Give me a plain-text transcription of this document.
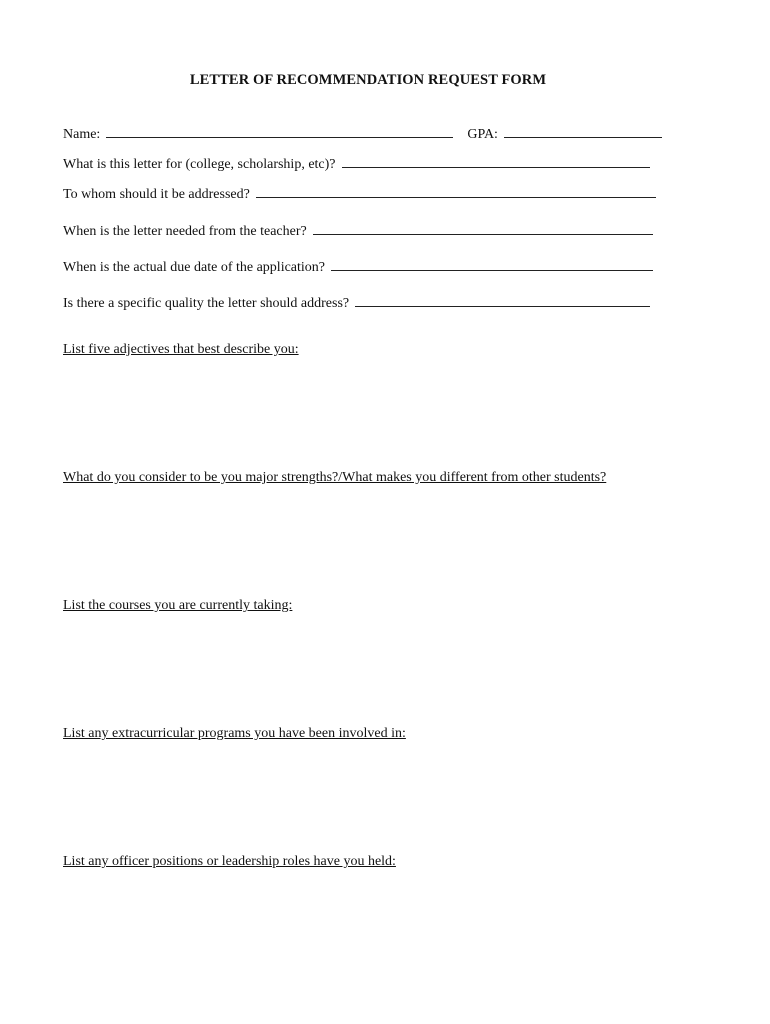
LETTER OF RECOMMENDATION REQUEST FORM
Name:	GPA:
What is this letter for (college, scholarship, etc)?
To whom should it be addressed?
When is the letter needed from the teacher?
When is the actual due date of the application?
Is there a specific quality the letter should address?
List five adjectives that best describe you:
What do you consider to be you major strengths?/What makes you different from other students?
List the courses you are currently taking:
List any extracurricular programs you have been involved in:
List any officer positions or leadership roles have you held:
